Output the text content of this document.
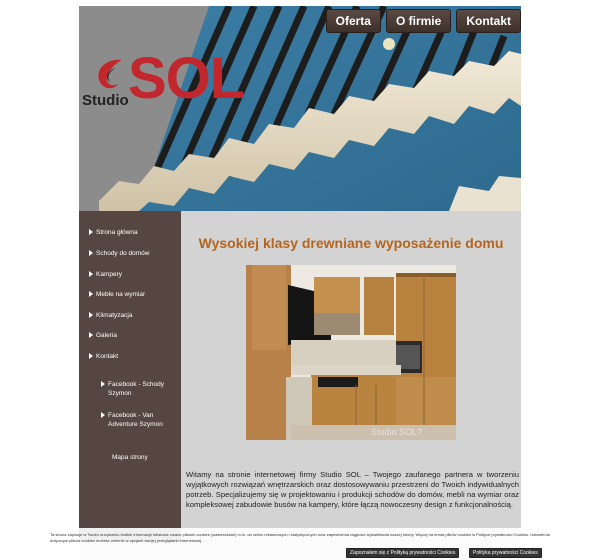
Oferta	O firmie	Kontakt
SOL
Studio
Strona główna
Schody do domów
Kampery
Meble na wymiar
Klimatyzacja
Galeria
Kontakt
Facebook - Schody Szymon
Facebook - Van Adventure Szymon
Mapa strony
Wysokiej klasy drewniane wyposażenie domu
Studio SOL?

Witamy na stronie internetowej firmy Studio SOL – Twojego zaufanego partnera w tworzeniu wyjątkowych rozwiązań wnętrzarskich oraz dostosowywaniu przestrzeni do Twoich indywidualnych potrzeb. Specjalizujemy się w projektowaniu i produkcji schodów do domów, mebli na wymiar oraz kompleksowej zabudowie busów na kampery, które łączą nowoczesny design z funkcjonalnością.

Ta strona zapisuje w Twoim urządzeniu krótkie informacje tekstowe zwane plikami cookies (ciasteczkami) m.in. do celów reklamowych i statystycznych oraz zapewnienia ciągłości wyświetlania naszej strony. Więcej na temat plików cookies w Polityce prywatności Cookies. Ustawienia dotyczące plików cookies możesz zmienić w opcjach swojej przeglądarki internetowej.

Zapoznałem się z Polityką prywatności Cookies	Polityka prywatności Cookies
